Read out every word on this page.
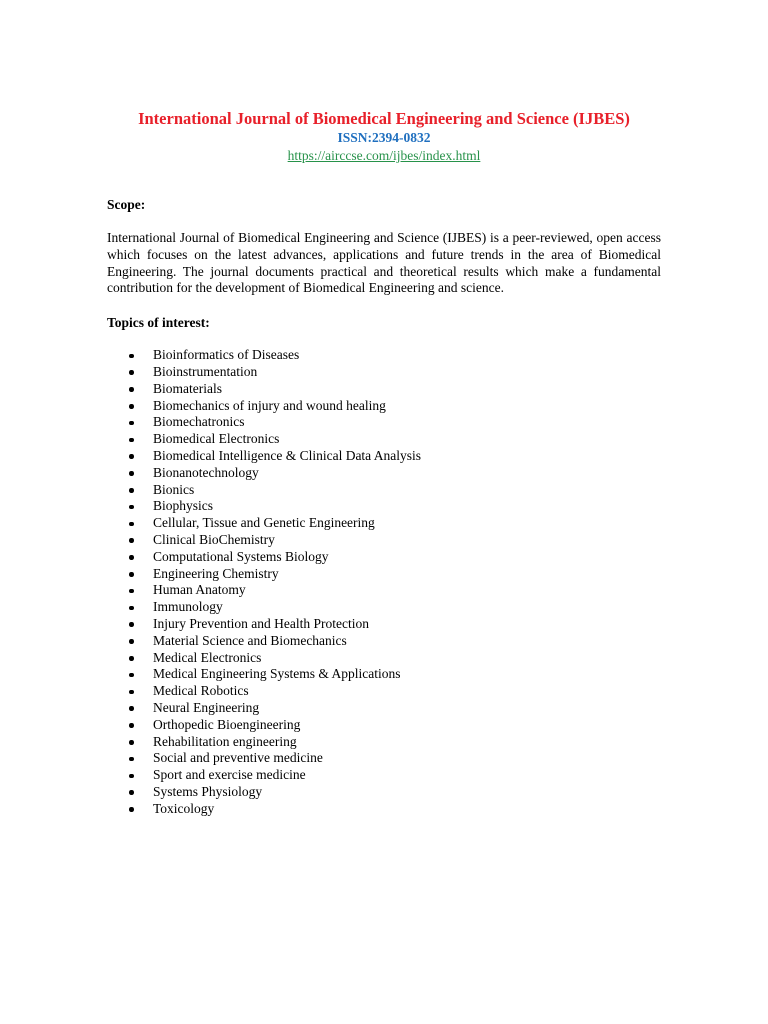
International Journal of Biomedical Engineering and Science (IJBES)
ISSN:2394-0832
https://airccse.com/ijbes/index.html
Scope:

International Journal of Biomedical Engineering and Science (IJBES) is a peer-reviewed, open access which focuses on the latest advances, applications and future trends in the area of Biomedical Engineering. The journal documents practical and theoretical results which make a fundamental contribution for the development of Biomedical Engineering and science.

Topics of interest:
Bioinformatics of Diseases
Bioinstrumentation
Biomaterials
Biomechanics of injury and wound healing
Biomechatronics
Biomedical Electronics
Biomedical Intelligence & Clinical Data Analysis
Bionanotechnology
Bionics
Biophysics
Cellular, Tissue and Genetic Engineering
Clinical BioChemistry
Computational Systems Biology
Engineering Chemistry
Human Anatomy
Immunology
Injury Prevention and Health Protection
Material Science and Biomechanics
Medical Electronics
Medical Engineering Systems & Applications
Medical Robotics
Neural Engineering
Orthopedic Bioengineering
Rehabilitation engineering
Social and preventive medicine
Sport and exercise medicine
Systems Physiology
Toxicology
